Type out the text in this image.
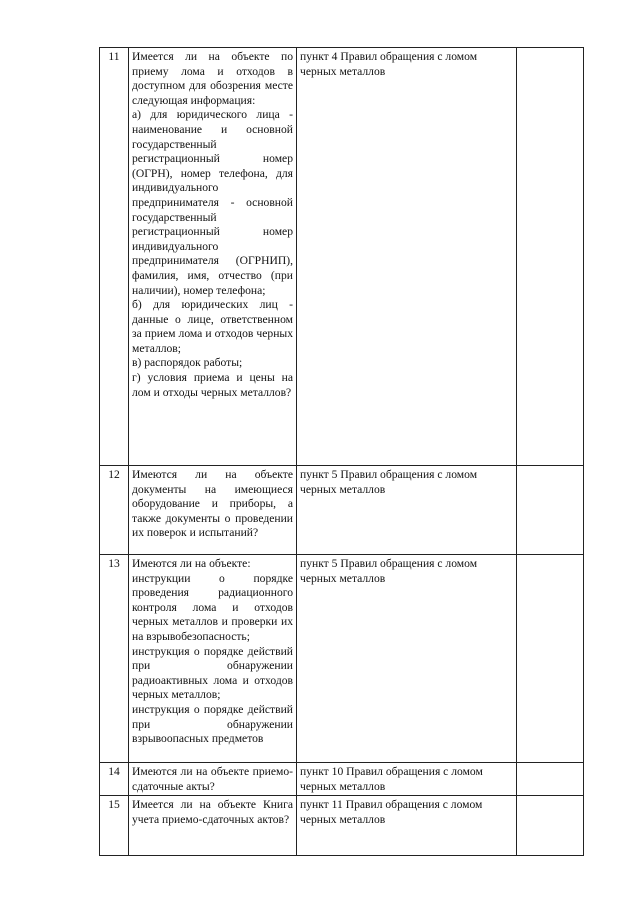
11	Имеется ли на объекте по приему лома и отходов в доступном для обозрения месте следующая информация:
а) для юридического лица - наименование и основной государственный регистрационный номер (ОГРН), номер телефона, для индивидуального предпринимателя - основной государственный регистрационный номер индивидуального предпринимателя (ОГРНИП), фамилия, имя, отчество (при наличии), номер телефона;
б) для юридических лиц - данные о лице, ответственном за прием лома и отходов черных металлов;
в) распорядок работы;
г) условия приема и цены на лом и отходы черных металлов?	пункт 4 Правил обращения с ломом черных металлов	
12	Имеются ли на объекте документы на имеющиеся оборудование и приборы, а также документы о проведении их поверок и испытаний?	пункт 5 Правил обращения с ломом черных металлов	
13	Имеются ли на объекте:
инструкции о порядке проведения радиационного контроля лома и отходов черных металлов и проверки их на взрывобезопасность;
инструкция о порядке действий при обнаружении радиоактивных лома и отходов черных металлов;
инструкция о порядке действий при обнаружении взрывоопасных предметов	пункт 5 Правил обращения с ломом черных металлов	
14	Имеются ли на объекте приемо-сдаточные акты?	пункт 10 Правил обращения с ломом черных металлов	
15	Имеется ли на объекте Книга учета приемо-сдаточных актов?	пункт 11 Правил обращения с ломом черных металлов	
